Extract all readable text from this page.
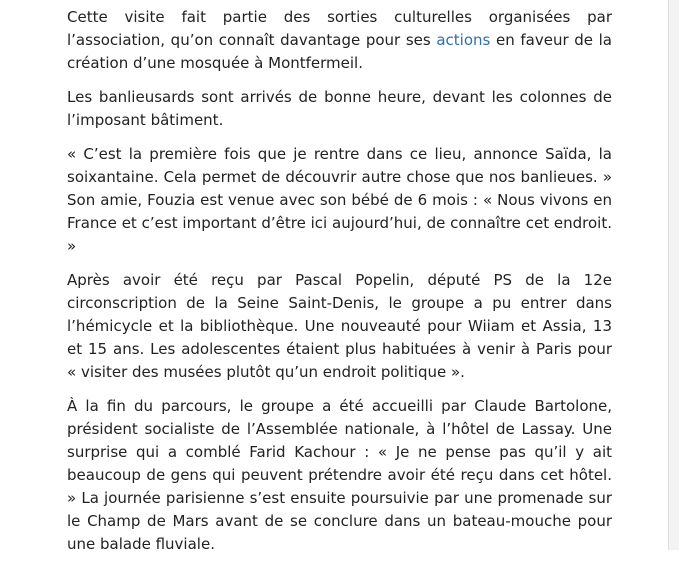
Cette visite fait partie des sorties culturelles organisées par l’association, qu’on connaît davantage pour ses actions en faveur de la création d’une mosquée à Montfermeil.

Les banlieusards sont arrivés de bonne heure, devant les colonnes de l’imposant bâtiment.

« C’est la première fois que je rentre dans ce lieu, annonce Saïda, la soixantaine. Cela permet de découvrir autre chose que nos banlieues. » Son amie, Fouzia est venue avec son bébé de 6 mois : « Nous vivons en France et c’est important d’être ici aujourd’hui, de connaître cet endroit. »

Après avoir été reçu par Pascal Popelin, député PS de la 12e circonscription de la Seine Saint-Denis, le groupe a pu entrer dans l’hémicycle et la bibliothèque. Une nouveauté pour Wiiam et Assia, 13 et 15 ans. Les adolescentes étaient plus habituées à venir à Paris pour « visiter des musées plutôt qu’un endroit politique ».

À la fin du parcours, le groupe a été accueilli par Claude Bartolone, président socialiste de l’Assemblée nationale, à l’hôtel de Lassay. Une surprise qui a comblé Farid Kachour : « Je ne pense pas qu’il y ait beaucoup de gens qui peuvent prétendre avoir été reçu dans cet hôtel. » La journée parisienne s’est ensuite poursuivie par une promenade sur le Champ de Mars avant de se conclure dans un bateau-mouche pour une balade fluviale.
